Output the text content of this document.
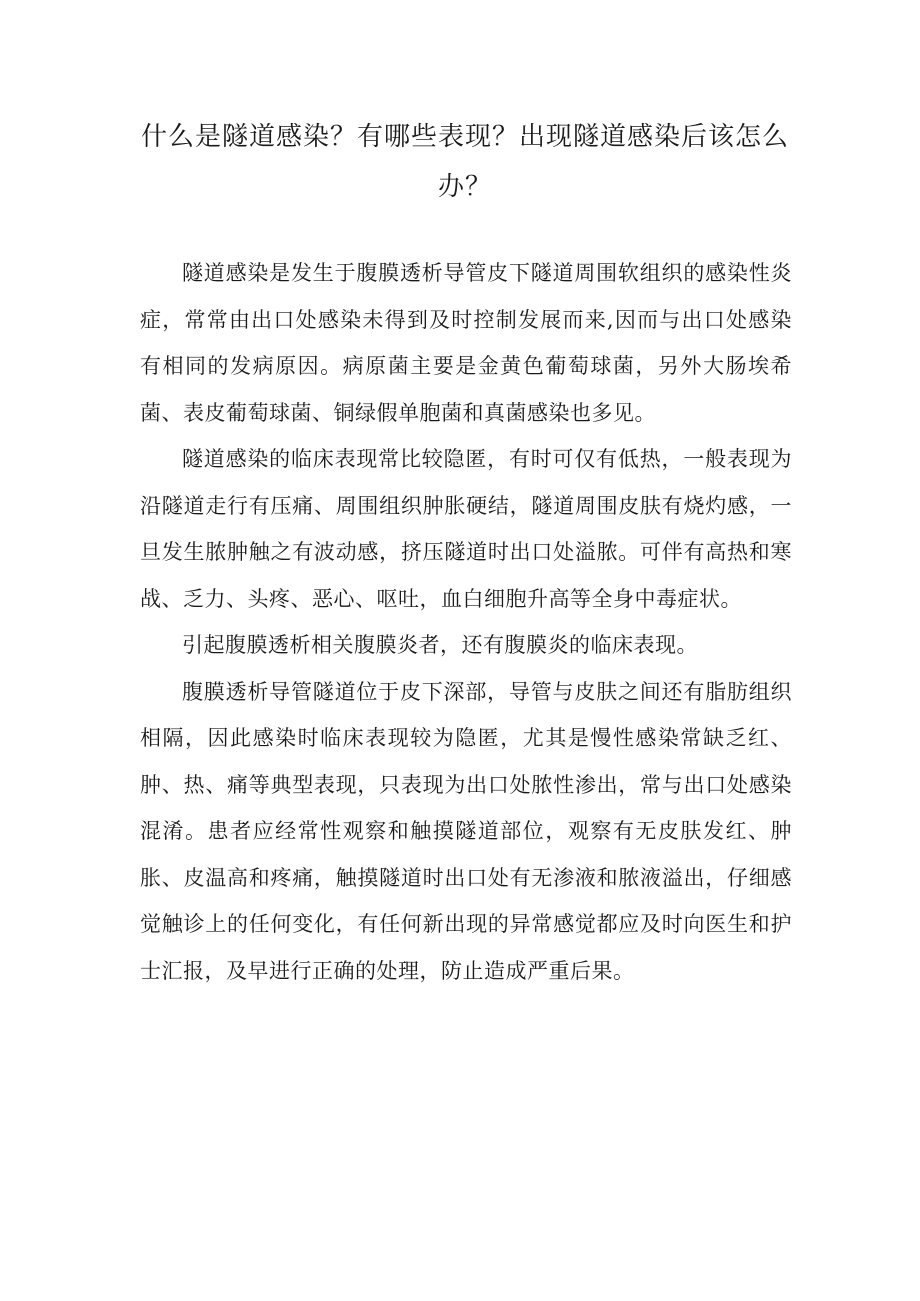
什么是隧道感染？有哪些表现？出现隧道感染后该怎么办？

隧道感染是发生于腹膜透析导管皮下隧道周围软组织的感染性炎症，常常由出口处感染未得到及时控制发展而来,因而与出口处感染有相同的发病原因。病原菌主要是金黄色葡萄球菌，另外大肠埃希菌、表皮葡萄球菌、铜绿假单胞菌和真菌感染也多见。

隧道感染的临床表现常比较隐匿，有时可仅有低热，一般表现为沿隧道走行有压痛、周围组织肿胀硬结，隧道周围皮肤有烧灼感，一旦发生脓肿触之有波动感，挤压隧道时出口处溢脓。可伴有高热和寒战、乏力、头疼、恶心、呕吐，血白细胞升高等全身中毒症状。

引起腹膜透析相关腹膜炎者，还有腹膜炎的临床表现。

腹膜透析导管隧道位于皮下深部，导管与皮肤之间还有脂肪组织相隔，因此感染时临床表现较为隐匿，尤其是慢性感染常缺乏红、肿、热、痛等典型表现，只表现为出口处脓性渗出，常与出口处感染混淆。患者应经常性观察和触摸隧道部位，观察有无皮肤发红、肿胀、皮温高和疼痛，触摸隧道时出口处有无渗液和脓液溢出，仔细感觉触诊上的任何变化，有任何新出现的异常感觉都应及时向医生和护士汇报，及早进行正确的处理，防止造成严重后果。
